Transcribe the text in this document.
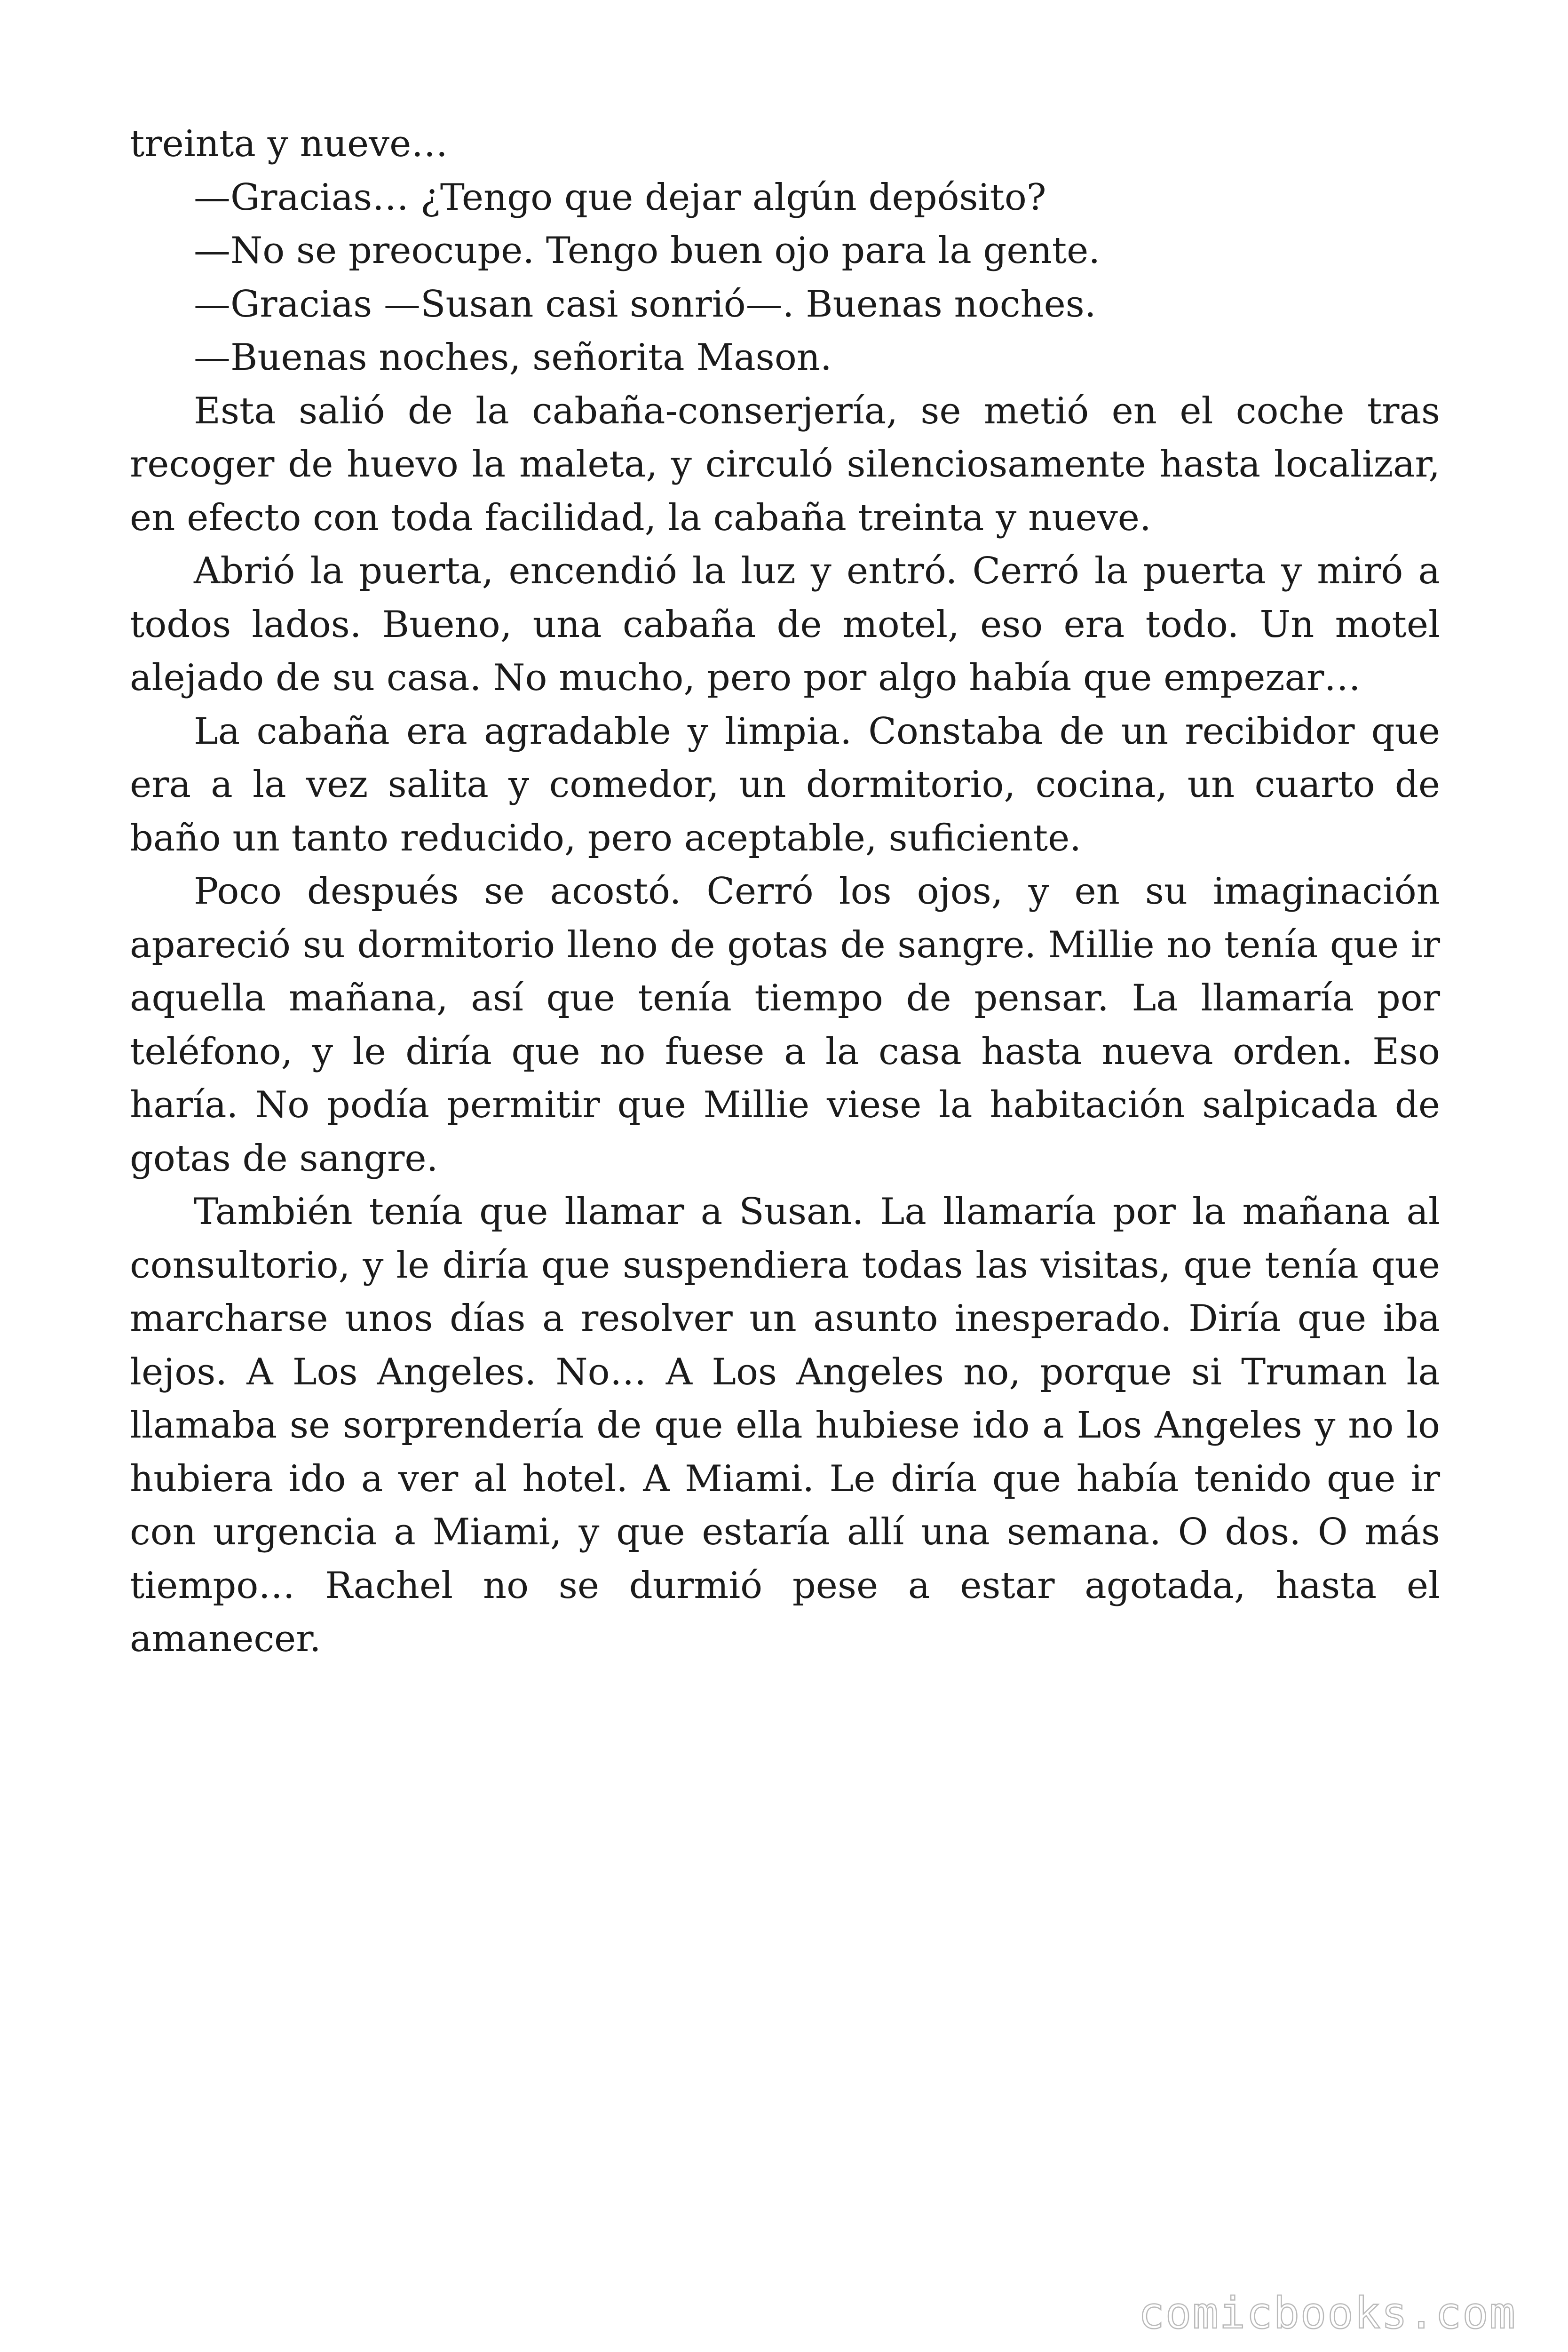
treinta y nueve…

—Gracias… ¿Tengo que dejar algún depósito?

—No se preocupe. Tengo buen ojo para la gente.

—Gracias —Susan casi sonrió—. Buenas noches.

—Buenas noches, señorita Mason.

Esta salió de la cabaña-conserjería, se metió en el coche tras recoger de huevo la maleta, y circuló silenciosamente hasta localizar, en efecto con toda facilidad, la cabaña treinta y nueve.

Abrió la puerta, encendió la luz y entró. Cerró la puerta y miró a todos lados. Bueno, una cabaña de motel, eso era todo. Un motel alejado de su casa. No mucho, pero por algo había que empezar…

La cabaña era agradable y limpia. Constaba de un recibidor que era a la vez salita y comedor, un dormitorio, cocina, un cuarto de baño un tanto reducido, pero aceptable, suficiente.

Poco después se acostó. Cerró los ojos, y en su imaginación apareció su dormitorio lleno de gotas de sangre. Millie no tenía que ir aquella mañana, así que tenía tiempo de pensar. La llamaría por teléfono, y le diría que no fuese a la casa hasta nueva orden. Eso haría. No podía permitir que Millie viese la habitación salpicada de gotas de sangre.

También tenía que llamar a Susan. La llamaría por la mañana al consultorio, y le diría que suspendiera todas las visitas, que tenía que marcharse unos días a resolver un asunto inesperado. Diría que iba lejos. A Los Angeles. No… A Los Angeles no, porque si Truman la llamaba se sorprendería de que ella hubiese ido a Los Angeles y no lo hubiera ido a ver al hotel. A Miami. Le diría que había tenido que ir con urgencia a Miami, y que estaría allí una semana. O dos. O más tiempo… Rachel no se durmió pese a estar agotada, hasta el amanecer.

comicbooks.com
